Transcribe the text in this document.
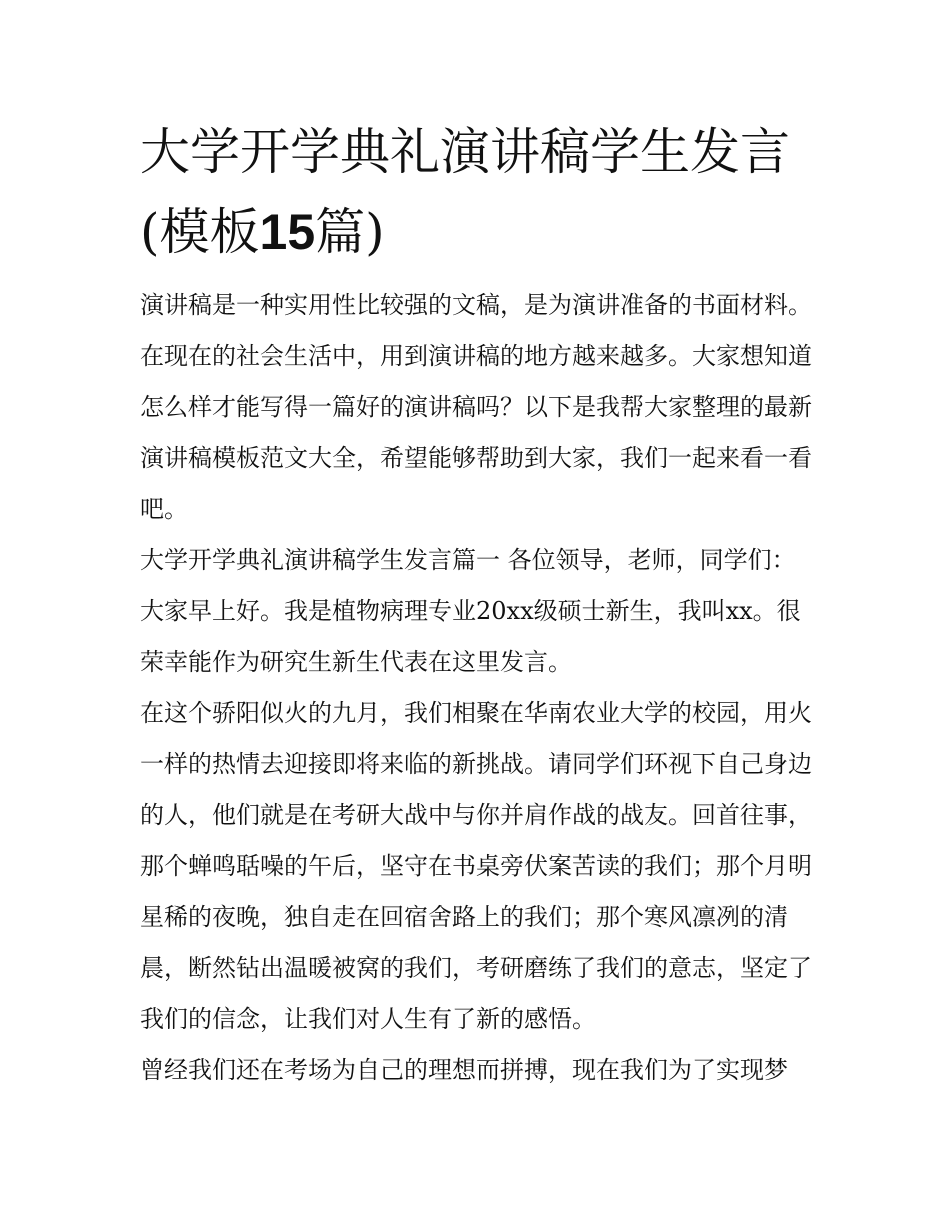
大学开学典礼演讲稿学生发言
(模板15篇)

演讲稿是一种实用性比较强的文稿，是为演讲准备的书面材料。在现在的社会生活中，用到演讲稿的地方越来越多。大家想知道怎么样才能写得一篇好的演讲稿吗？以下是我帮大家整理的最新演讲稿模板范文大全，希望能够帮助到大家，我们一起来看一看吧。

大学开学典礼演讲稿学生发言篇一 各位领导，老师，同学们： 大家早上好。我是植物病理专业20xx级硕士新生，我叫xx。很荣幸能作为研究生新生代表在这里发言。

在这个骄阳似火的九月，我们相聚在华南农业大学的校园，用火一样的热情去迎接即将来临的新挑战。请同学们环视下自己身边的人，他们就是在考研大战中与你并肩作战的战友。回首往事，那个蝉鸣聒噪的午后，坚守在书桌旁伏案苦读的我们；那个月明星稀的夜晚，独自走在回宿舍路上的我们；那个寒风凛冽的清晨，断然钻出温暖被窝的我们，考研磨练了我们的意志，坚定了我们的信念，让我们对人生有了新的感悟。

曾经我们还在考场为自己的理想而拼搏，现在我们为了实现梦
